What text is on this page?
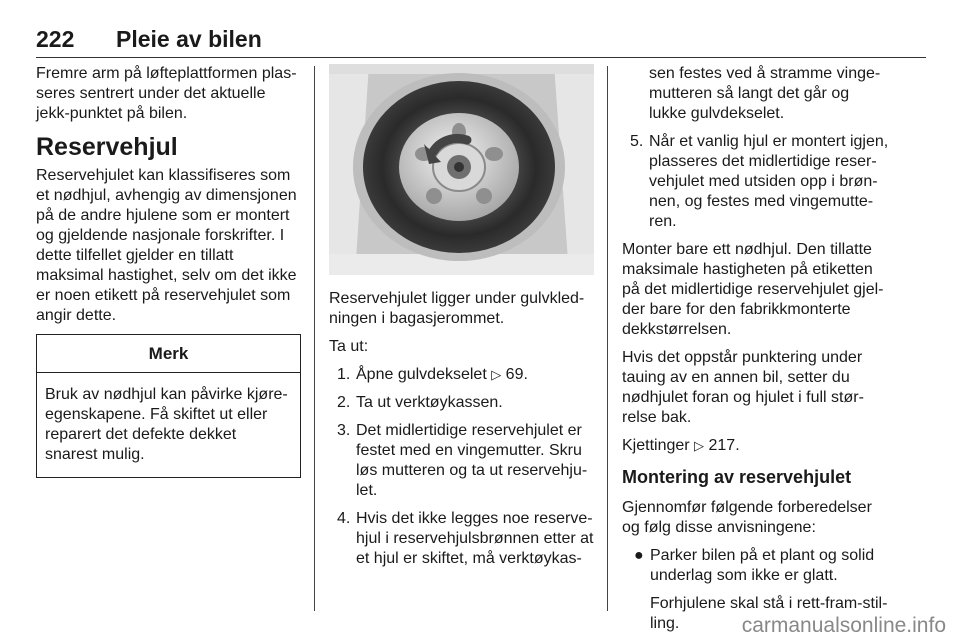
222 Pleie av bilen

Fremre arm på løfteplattformen plas-seres sentrert under det aktuelle jekk-punktet på bilen.

Reservehjul

Reservehjulet kan klassifiseres som et nødhjul, avhengig av dimensjonen på de andre hjulene som er montert og gjeldende nasjonale forskrifter. I dette tilfellet gjelder en tillatt maksimal hastighet, selv om det ikke er noen etikett på reservehjulet som angir dette.

Merk
Bruk av nødhjul kan påvirke kjøre-egenskapene. Få skiftet ut eller reparert det defekte dekket snarest mulig.

Reservehjulet ligger under gulvkled-ningen i bagasjerommet.

Ta ut:

1. Åpne gulvdekselet ▷ 69.
2. Ta ut verktøykassen.
3. Det midlertidige reservehjulet er festet med en vingemutter. Skru løs mutteren og ta ut reservehju-let.
4. Hvis det ikke legges noe reserve-hjul i reservehjulsbrønnen etter at et hjul er skiftet, må verktøykas-
sen festes ved å stramme vinge-mutteren så langt det går og lukke gulvdekselet.
5. Når et vanlig hjul er montert igjen, plasseres det midlertidige reser-vehjulet med utsiden opp i brøn-nen, og festes med vingemutte-ren.

Monter bare ett nødhjul. Den tillatte maksimale hastigheten på etiketten på det midlertidige reservehjulet gjel-der bare for den fabrikkmonterte dekkstørrelsen.

Hvis det oppstår punktering under tauing av en annen bil, setter du nødhjulet foran og hjulet i full stør-relse bak.

Kjettinger ▷ 217.

Montering av reservehjulet

Gjennomfør følgende forberedelser og følg disse anvisningene:

● Parker bilen på et plant og solid underlag som ikke er glatt.
Forhjulene skal stå i rett-fram-stil-ling.	carmanualsonline.info
